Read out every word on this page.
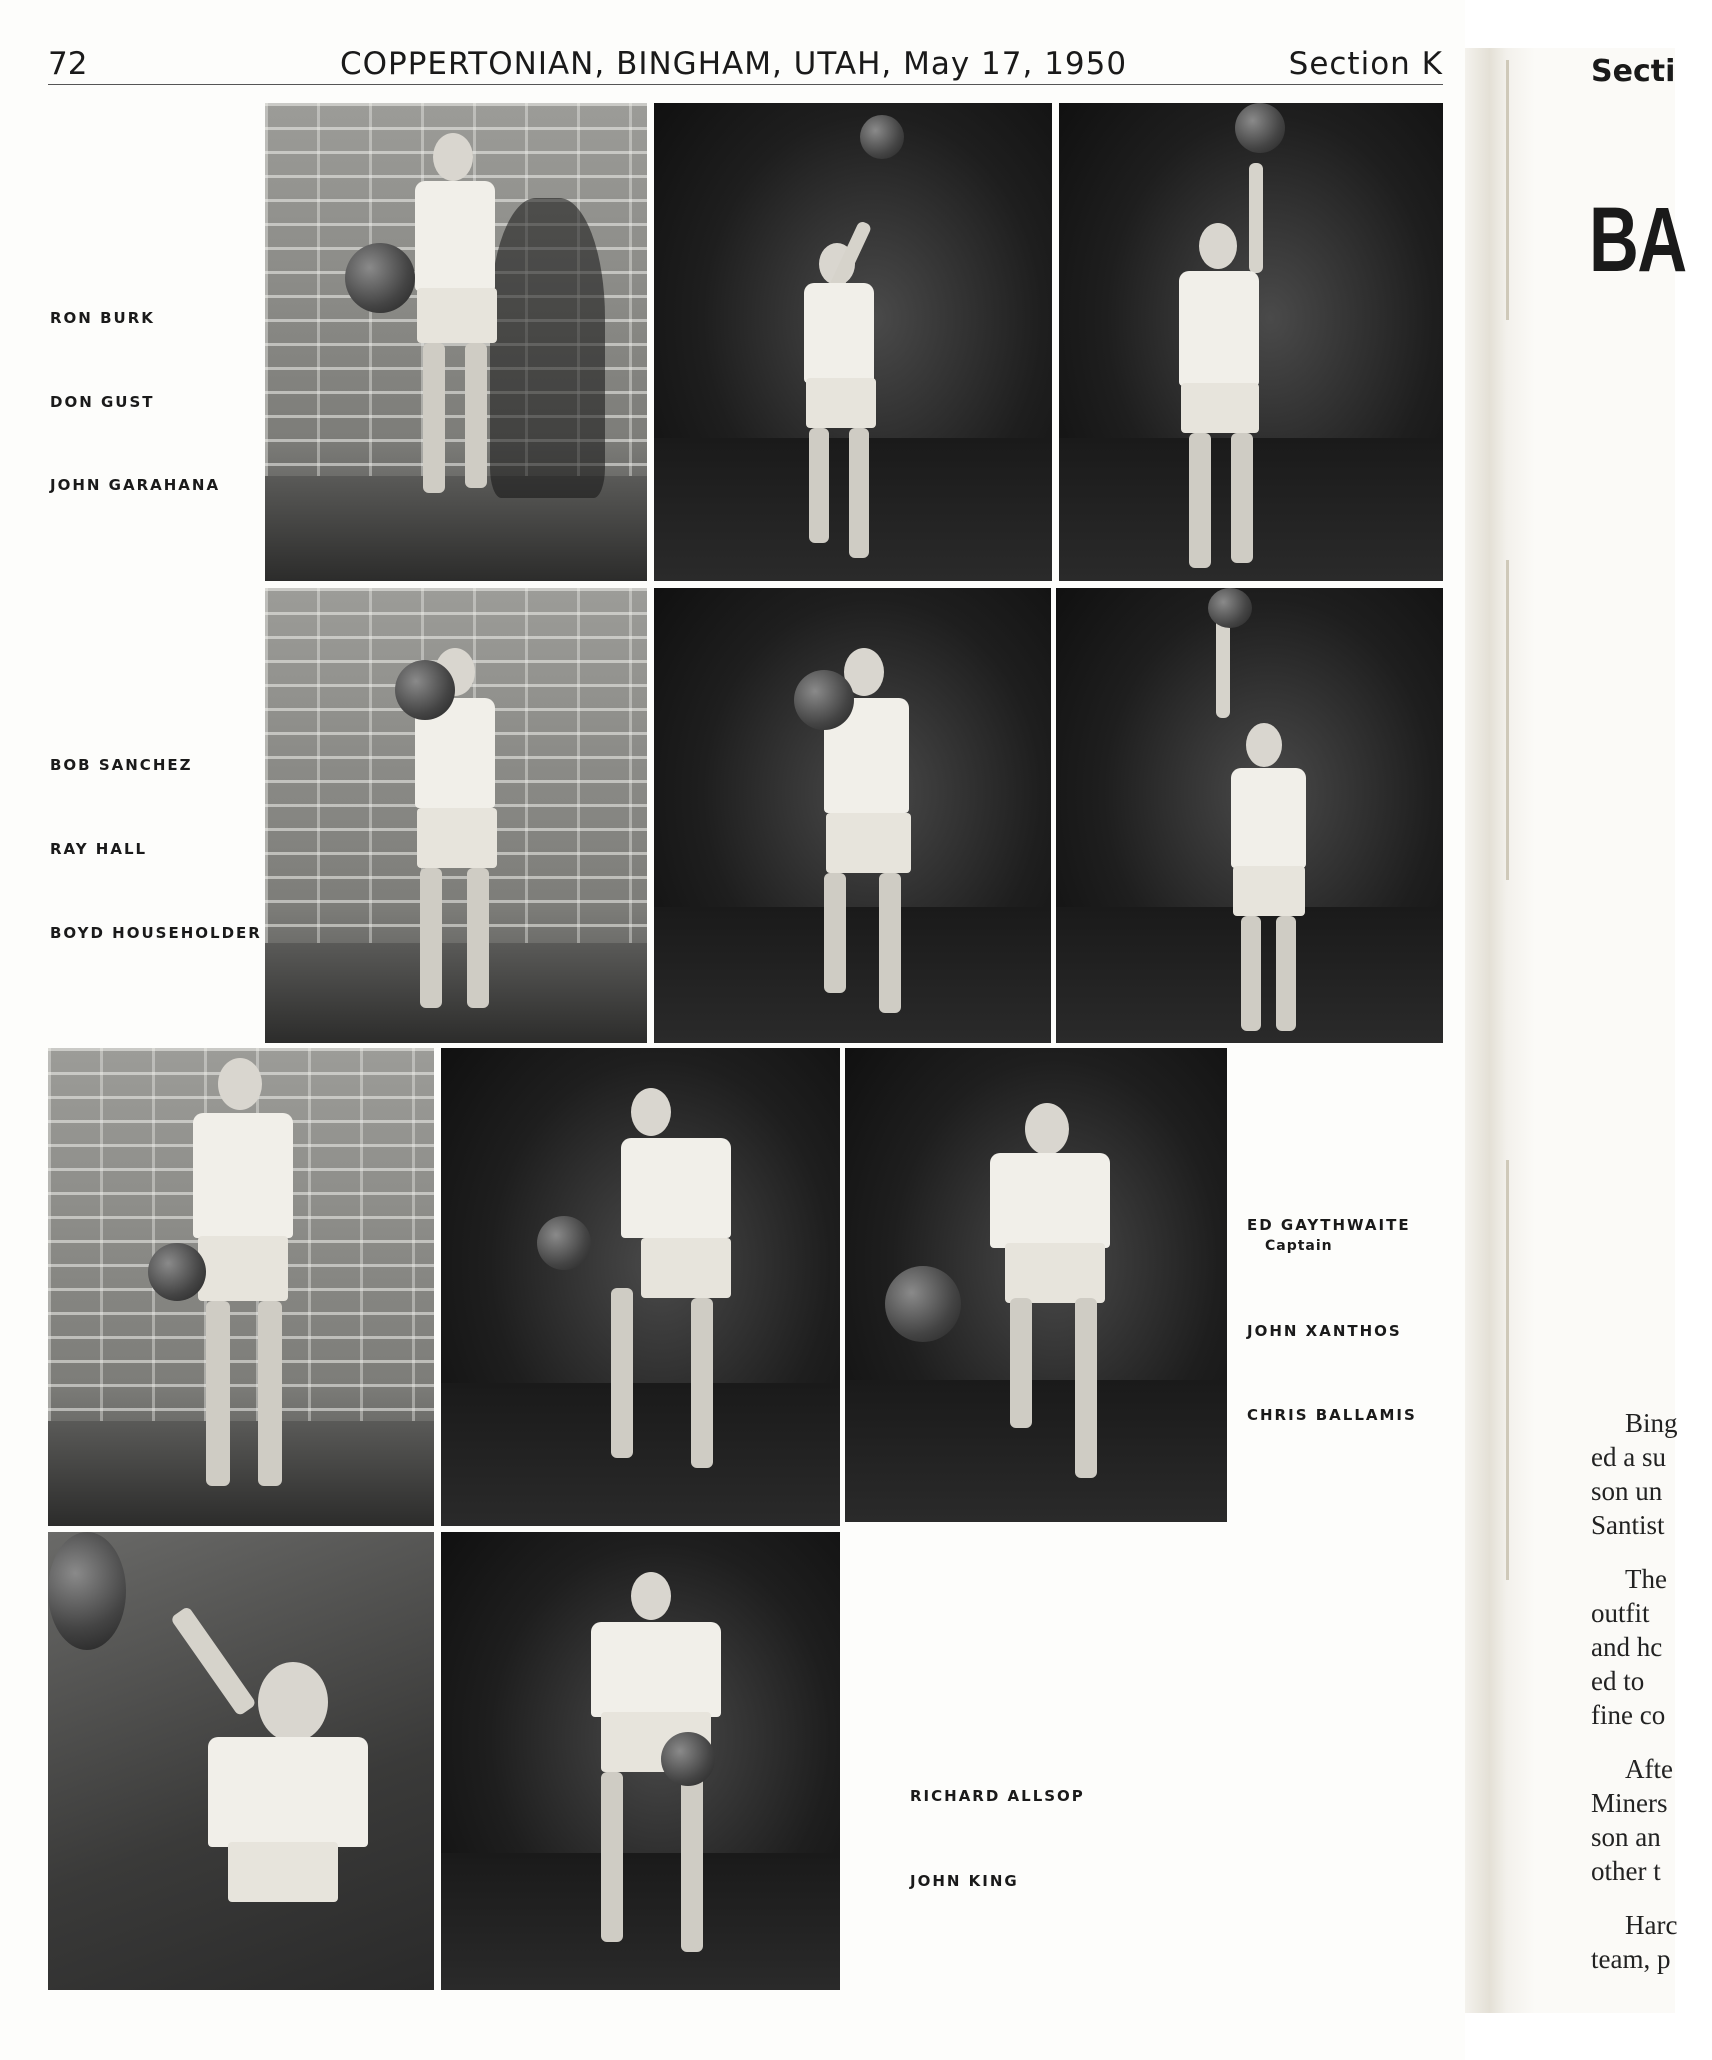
72	COPPERTONIAN, BINGHAM, UTAH, May 17, 1950	Section K
RON BURK
DON GUST
JOHN GARAHANA
BOB SANCHEZ
RAY HALL
BOYD HOUSEHOLDER
ED GAYTHWAITE
Captain
JOHN XANTHOS
CHRIS BALLAMIS
RICHARD ALLSOP
JOHN KING
Secti
BA

Bing
ed a su
son un
Santist

The
outfit
and hc
ed to
fine co

Afte
Miners
son an
other t

Harc
team, p
